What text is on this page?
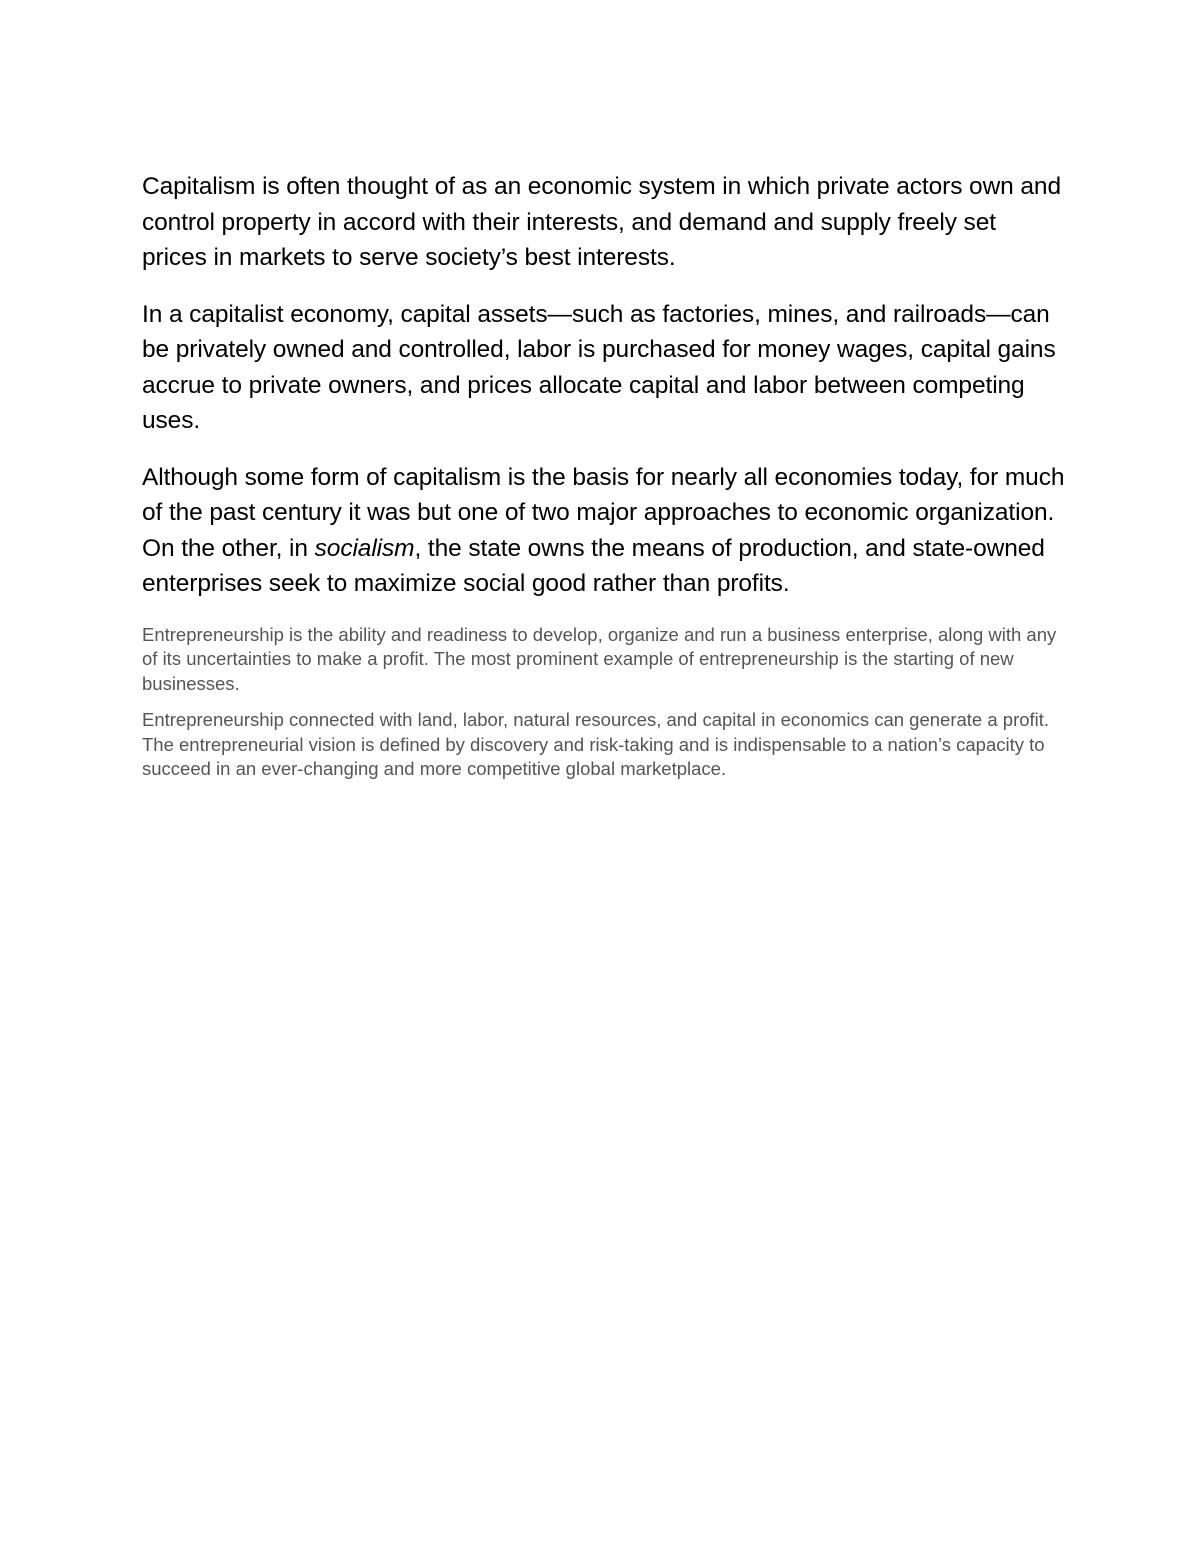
Capitalism is often thought of as an economic system in which private actors own and control property in accord with their interests, and demand and supply freely set prices in markets to serve society’s best interests.

In a capitalist economy, capital assets—such as factories, mines, and railroads—can be privately owned and controlled, labor is purchased for money wages, capital gains accrue to private owners, and prices allocate capital and labor between competing uses.

Although some form of capitalism is the basis for nearly all economies today, for much of the past century it was but one of two major approaches to economic organization. On the other, in socialism, the state owns the means of production, and state-owned enterprises seek to maximize social good rather than profits.

Entrepreneurship is the ability and readiness to develop, organize and run a business enterprise, along with any of its uncertainties to make a profit. The most prominent example of entrepreneurship is the starting of new businesses.

Entrepreneurship connected with land, labor, natural resources, and capital in economics can generate a profit. The entrepreneurial vision is defined by discovery and risk-taking and is indispensable to a nation’s capacity to succeed in an ever-changing and more competitive global marketplace.
